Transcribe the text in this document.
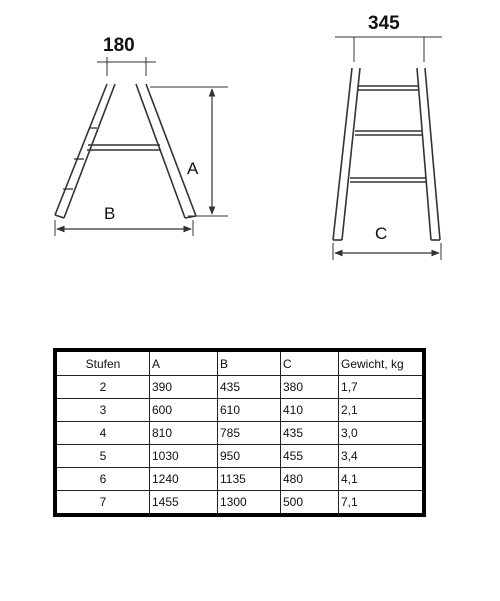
180
A
B
345
C
Stufen	A	B	C	Gewicht, kg
2	390	435	380	1,7
3	600	610	410	2,1
4	810	785	435	3,0
5	1030	950	455	3,4
6	1240	1135	480	4,1
7	1455	1300	500	7,1
